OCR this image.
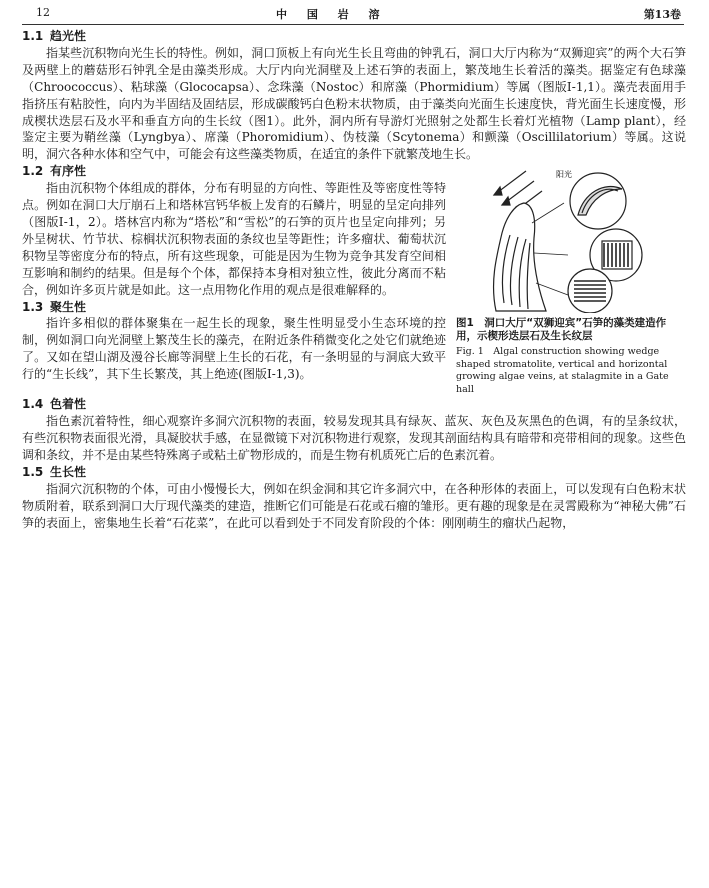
12	中 国 岩 溶	第13卷
1.1 趋光性

指某些沉积物向光生长的特性。例如，洞口顶板上有向光生长且弯曲的钟乳石，洞口大厅内称为“双狮迎宾”的两个大石笋及两壁上的蘑菇形石钟乳全是由藻类形成。大厅内向光洞壁及上述石笋的表面上，繁茂地生长着活的藻类。据鉴定有色球藻（Chroococcus）、粘球藻（Glococapsa）、念珠藻（Nostoc）和席藻（Phormidium）等属（图版Ⅰ-1,1）。藻壳表面用手指挤压有粘胶性，向内为半固结及固结层，形成碳酸钙白色粉末状物质，由于藻类向光面生长速度快，背光面生长速度慢，形成楔状迭层石及水平和垂直方向的生长纹（图1）。此外，洞内所有导游灯光照射之处都生长着灯光植物（Lamp plant），经鉴定主要为鞘丝藻（Lyngbya）、席藻（Phoromidium）、伪枝藻（Scytonema）和颤藻（Oscillilatorium）等属。这说明，洞穴各种水体和空气中，可能会有这些藻类物质，在适宜的条件下就繁茂地生长。

阳光

图1　洞口大厅“双狮迎宾”石笋的藻类建造作用，示楔形迭层石及生长纹层

Fig. 1　Algal construction showing wedge shaped stromatolite, vertical and horizontal growing algae veins, at stalagmite in a Gate hall

1.2 有序性

指由沉积物个体组成的群体，分布有明显的方向性、等距性及等密度性等特点。例如在洞口大厅崩石上和塔林宫钙华板上发育的石鳞片，明显的呈定向排列（图版Ⅰ-1，2）。塔林宫内称为“塔松”和“雪松”的石笋的页片也呈定向排列；另外呈树状、竹节状、棕榈状沉积物表面的条纹也呈等距性；许多瘤状、葡萄状沉积物呈等密度分布的特点，所有这些现象，可能是因为生物为竞争其发育空间相互影响和制约的结果。但是每个个体，都保持本身相对独立性，彼此分离而不粘合，例如许多页片就是如此。这一点用物化作用的观点是很难解释的。

1.3 聚生性

指许多相似的群体聚集在一起生长的现象，聚生性明显受小生态环境的控制，例如洞口向光洞壁上繁茂生长的藻壳，在附近条件稍微变化之处它们就绝迹了。又如在望山湖及漫谷长廊等洞壁上生长的石花，有一条明显的与洞底大致平行的“生长线”，其下生长繁茂，其上绝迹(图版Ⅰ-1,3)。

1.4 色着性

指色素沉着特性，细心观察许多洞穴沉积物的表面，较易发现其具有绿灰、蓝灰、灰色及灰黑色的色调，有的呈条纹状，有些沉积物表面很光滑，具凝胶状手感，在显微镜下对沉积物进行观察，发现其剖面结构具有暗带和亮带相间的现象。这些色调和条纹，并不是由某些特殊离子或粘土矿物形成的，而是生物有机质死亡后的色素沉着。

1.5 生长性

指洞穴沉积物的个体，可由小慢慢长大，例如在织金洞和其它许多洞穴中，在各种形体的表面上，可以发现有白色粉末状物质附着，联系到洞口大厅现代藻类的建造，推断它们可能是石花或石瘤的雏形。更有趣的现象是在灵霄殿称为“神秘大佛”石笋的表面上，密集地生长着“石花菜”，在此可以看到处于不同发育阶段的个体：刚刚萌生的瘤状凸起物，
